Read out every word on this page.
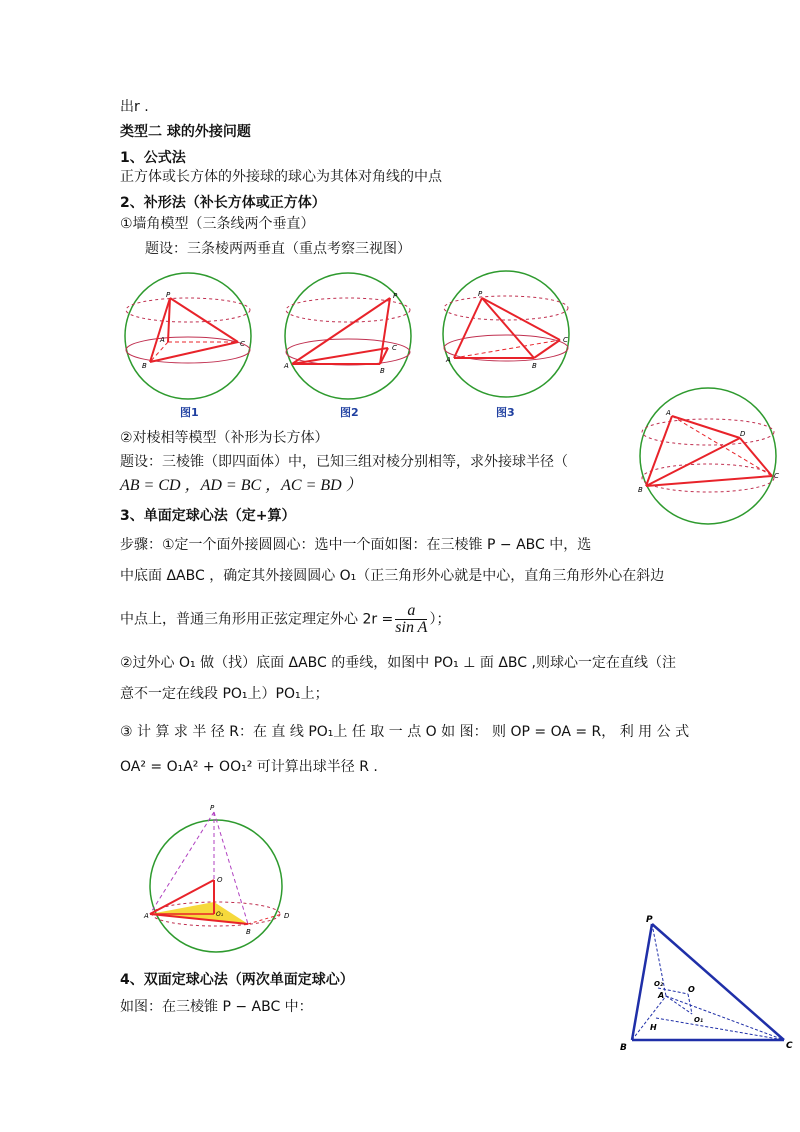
出r .
类型二 球的外接问题
1、公式法
正方体或长方体的外接球的球心为其体对角线的中点
2、补形法（补长方体或正方体）
①墙角模型（三条线两个垂直）
题设：三条棱两两垂直（重点考察三视图）
②对棱相等模型（补形为长方体）
题设：三棱锥（即四面体）中，已知三组对棱分别相等，求外接球半径（
AB = CD ，AD = BC ，AC = BD ）
3、单面定球心法（定+算）
步骤：①定一个面外接圆圆心：选中一个面如图：在三棱锥 P − ABC 中，选
中底面 ΔABC ，确定其外接圆圆心 O₁（正三角形外心就是中心，直角三角形外心在斜边
中点上，普通三角形用正弦定理定外心 $2r = \frac{a}{\text{sin A}}$ ）；
②过外心 O₁ 做（找）底面 ΔABC 的垂线，如图中 PO₁ ⊥ 面 ΔBC ,则球心一定在直线（注
意不一定在线段 PO₁上）PO₁上；
③ 计 算 求 半 径 R：在 直 线 PO₁上 任 取 一 点 O 如 图： 则 OP = OA = R， 利 用 公 式
OA² = O₁A² + OO₁² 可计算出球半径 R .
4、双面定球心法（两次单面定球心）
如图：在三棱锥 P − ABC 中：
P
A
B
C
图1
P
A
B
C
图2
P
A
B
C
图3	A
D
B
C
P
O
A
B
D
O₁
P
B	C
A
O
O₂
O₁
H
